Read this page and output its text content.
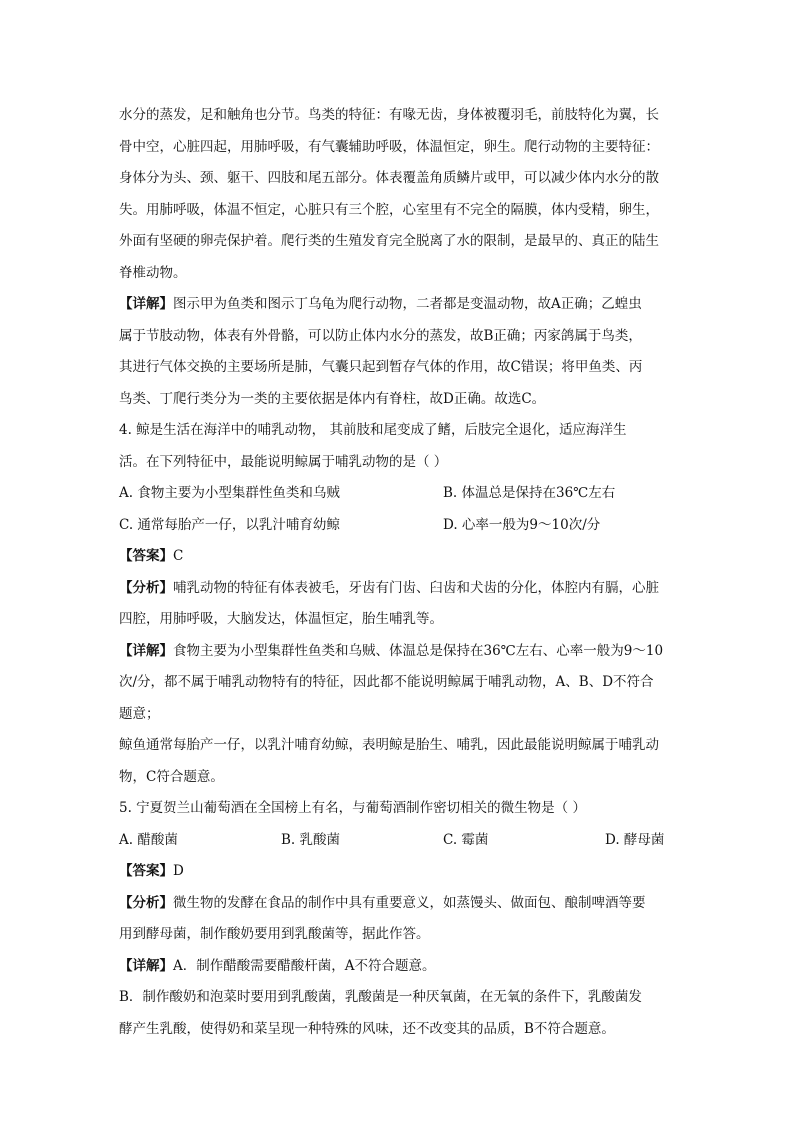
水分的蒸发，足和触角也分节。鸟类的特征：有喙无齿，身体被覆羽毛，前肢特化为翼，长
骨中空，心脏四起，用肺呼吸，有气囊辅助呼吸，体温恒定，卵生。爬行动物的主要特征：
身体分为头、颈、躯干、四肢和尾五部分。体表覆盖角质鳞片或甲，可以减少体内水分的散
失。用肺呼吸，体温不恒定，心脏只有三个腔，心室里有不完全的隔膜，体内受精，卵生，
外面有坚硬的卵壳保护着。爬行类的生殖发育完全脱离了水的限制，是最早的、真正的陆生
脊椎动物。
【详解】图示甲为鱼类和图示丁乌龟为爬行动物，二者都是变温动物，故A正确；乙蝗虫
属于节肢动物，体表有外骨骼，可以防止体内水分的蒸发，故B正确；丙家鸽属于鸟类，
其进行气体交换的主要场所是肺，气囊只起到暂存气体的作用，故C错误；将甲鱼类、丙
鸟类、丁爬行类分为一类的主要依据是体内有脊柱，故D正确。故选C。
4. 鲸是生活在海洋中的哺乳动物， 其前肢和尾变成了鳍，后肢完全退化，适应海洋生
活。在下列特征中，最能说明鲸属于哺乳动物的是（ ）
A. 食物主要为小型集群性鱼类和乌贼	B. 体温总是保持在36℃左右
C. 通常每胎产一仔，以乳汁哺育幼鲸	D. 心率一般为9～10次/分
【答案】C
【分析】哺乳动物的特征有体表被毛，牙齿有门齿、臼齿和犬齿的分化，体腔内有膈，心脏
四腔，用肺呼吸，大脑发达，体温恒定，胎生哺乳等。
【详解】食物主要为小型集群性鱼类和乌贼、体温总是保持在36℃左右、心率一般为9～10
次/分，都不属于哺乳动物特有的特征，因此都不能说明鲸属于哺乳动物，A、B、D不符合
题意；
鲸鱼通常每胎产一仔，以乳汁哺育幼鲸，表明鲸是胎生、哺乳，因此最能说明鲸属于哺乳动
物，C符合题意。
5. 宁夏贺兰山葡萄酒在全国榜上有名，与葡萄酒制作密切相关的微生物是（ ）
A. 醋酸菌	B. 乳酸菌	C. 霉菌	D. 酵母菌
【答案】D
【分析】微生物的发酵在食品的制作中具有重要意义，如蒸馒头、做面包、酿制啤酒等要
用到酵母菌，制作酸奶要用到乳酸菌等，据此作答。
【详解】A．制作醋酸需要醋酸杆菌，A不符合题意。
B．制作酸奶和泡菜时要用到乳酸菌，乳酸菌是一种厌氧菌，在无氧的条件下，乳酸菌发
酵产生乳酸，使得奶和菜呈现一种特殊的风味，还不改变其的品质，B不符合题意。
